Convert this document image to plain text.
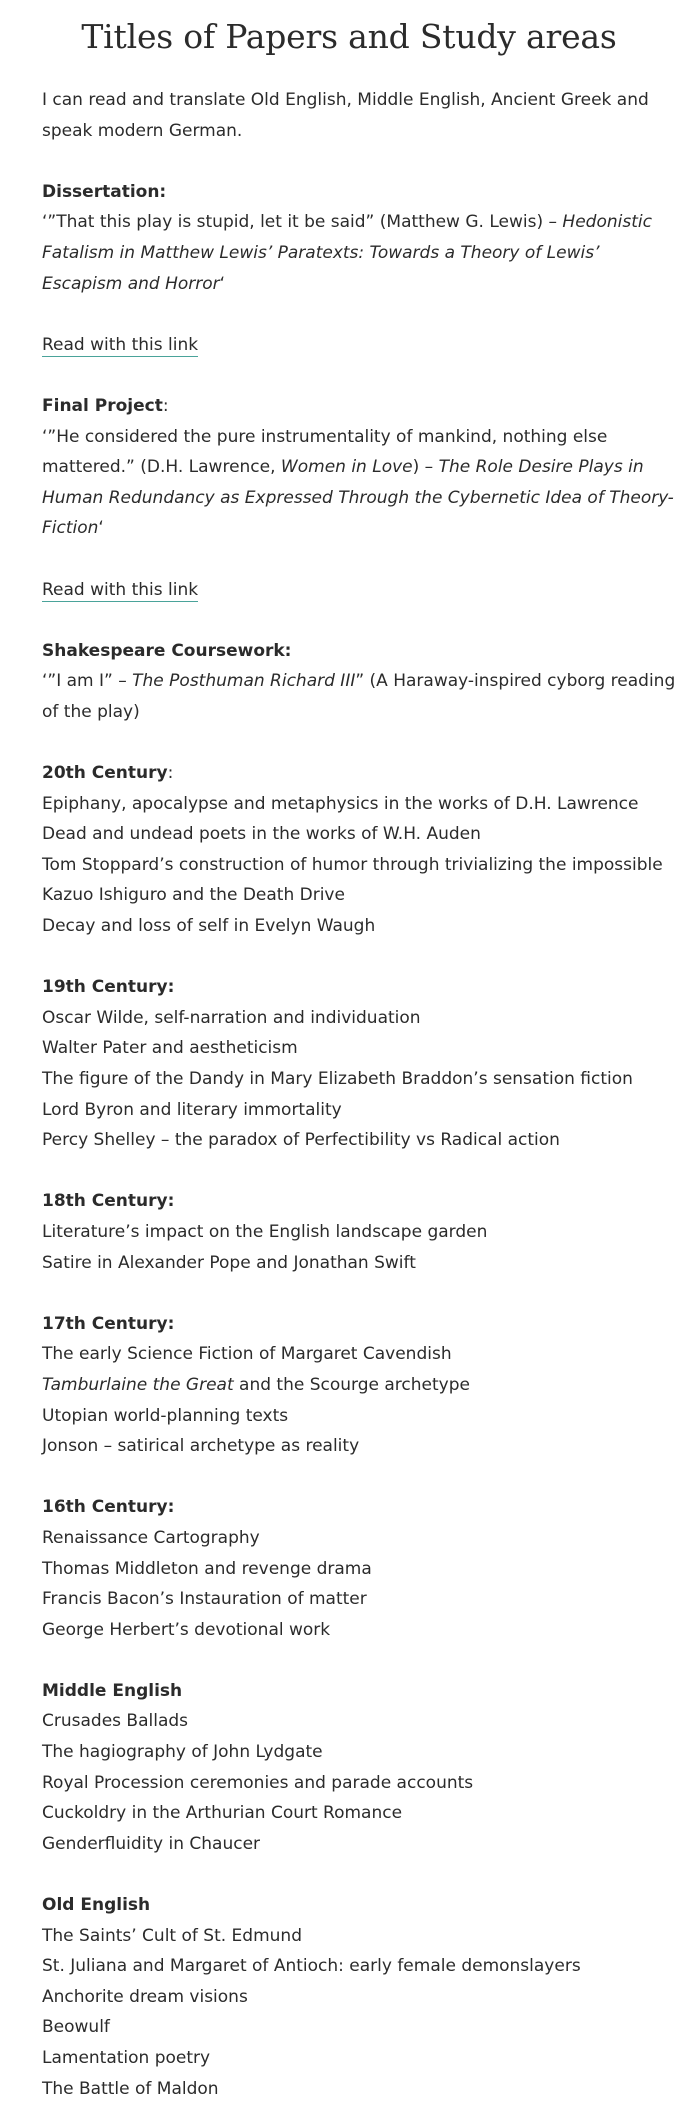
Titles of Papers and Study areas

I can read and translate Old English, Middle English, Ancient Greek and speak modern German.

Dissertation:

‘”That this play is stupid, let it be said” (Matthew G. Lewis) – Hedonistic Fatalism in Matthew Lewis’ Paratexts: Towards a Theory of Lewis’ Escapism and Horror‘

Read with this link

Final Project:

‘”He considered the pure instrumentality of mankind, nothing else mattered.” (D.H. Lawrence, Women in Love) – The Role Desire Plays in Human Redundancy as Expressed Through the Cybernetic Idea of Theory-Fiction‘

Read with this link

Shakespeare Coursework:

‘”I am I” – The Posthuman Richard III” (A Haraway-inspired cyborg reading of the play)

20th Century:

Epiphany, apocalypse and metaphysics in the works of D.H. Lawrence

Dead and undead poets in the works of W.H. Auden

Tom Stoppard’s construction of humor through trivializing the impossible

Kazuo Ishiguro and the Death Drive

Decay and loss of self in Evelyn Waugh

19th Century:

Oscar Wilde, self-narration and individuation

Walter Pater and aestheticism

The figure of the Dandy in Mary Elizabeth Braddon’s sensation fiction

Lord Byron and literary immortality

Percy Shelley – the paradox of Perfectibility vs Radical action

18th Century:

Literature’s impact on the English landscape garden

Satire in Alexander Pope and Jonathan Swift

17th Century:

The early Science Fiction of Margaret Cavendish

Tamburlaine the Great and the Scourge archetype

Utopian world-planning texts

Jonson – satirical archetype as reality

16th Century:

Renaissance Cartography

Thomas Middleton and revenge drama

Francis Bacon’s Instauration of matter

George Herbert’s devotional work

Middle English

Crusades Ballads

The hagiography of John Lydgate

Royal Procession ceremonies and parade accounts

Cuckoldry in the Arthurian Court Romance

Genderfluidity in Chaucer

Old English

The Saints’ Cult of St. Edmund

St. Juliana and Margaret of Antioch: early female demonslayers

Anchorite dream visions

Beowulf

Lamentation poetry

The Battle of Maldon
